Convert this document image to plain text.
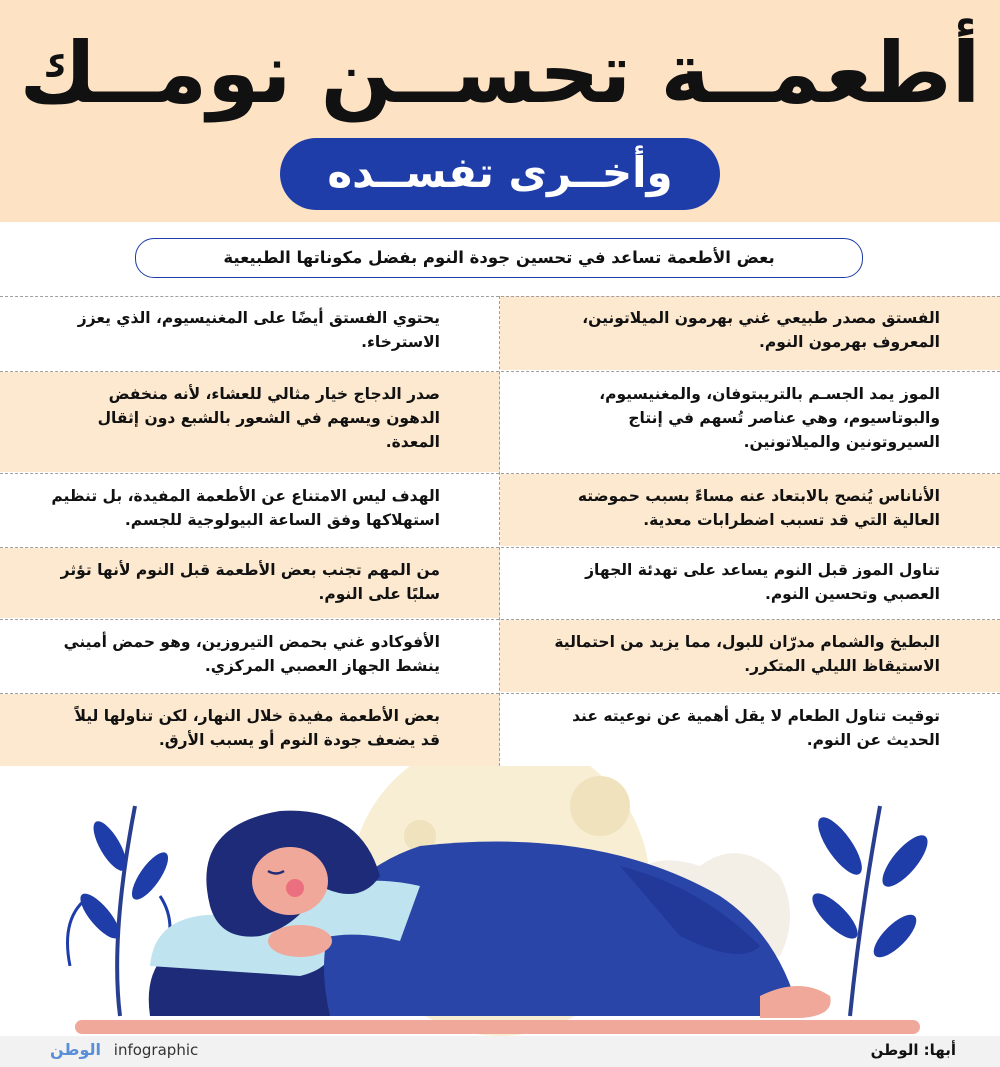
أطعمــة تحســن نومــك
وأخــرى تفســده
بعض الأطعمة تساعد في تحسين جودة النوم بفضل مكوناتها الطبيعية
الفستق مصدر طبيعي غني بهرمون الميلاتونين، المعروف بهرمون النوم.
يحتوي الفستق أيضًا على المغنيسيوم، الذي يعزز الاسترخاء.
الموز يمد الجسـم بالتريبتوفان، والمغنيسيوم، والبوتاسيوم، وهي عناصر تُسهم في إنتاج السيروتونين والميلاتونين.
صدر الدجاج خيار مثالي للعشاء، لأنه منخفض الدهون ويسهم في الشعور بالشبع دون إثقال المعدة.
الأناناس يُنصح بالابتعاد عنه مساءً بسبب حموضته العالية التي قد تسبب اضطرابات معدية.
الهدف ليس الامتناع عن الأطعمة المفيدة، بل تنظيم استهلاكها وفق الساعة البيولوجية للجسم.
تناول الموز قبل النوم يساعد على تهدئة الجهاز العصبي وتحسين النوم.
من المهم تجنب بعض الأطعمة قبل النوم لأنها تؤثر سلبًا على النوم.
البطيخ والشمام مدرّان للبول، مما يزيد من احتمالية الاستيقاظ الليلي المتكرر.
الأفوكادو غني بحمض التيروزين، وهو حمض أميني ينشط الجهاز العصبي المركزي.
توقيت تناول الطعام لا يقل أهمية عن نوعيته عند الحديث عن النوم.
بعض الأطعمة مفيدة خلال النهار، لكن تناولها ليلاً قد يضعف جودة النوم أو يسبب الأرق.
أبها: الوطن
الوطن infographic
